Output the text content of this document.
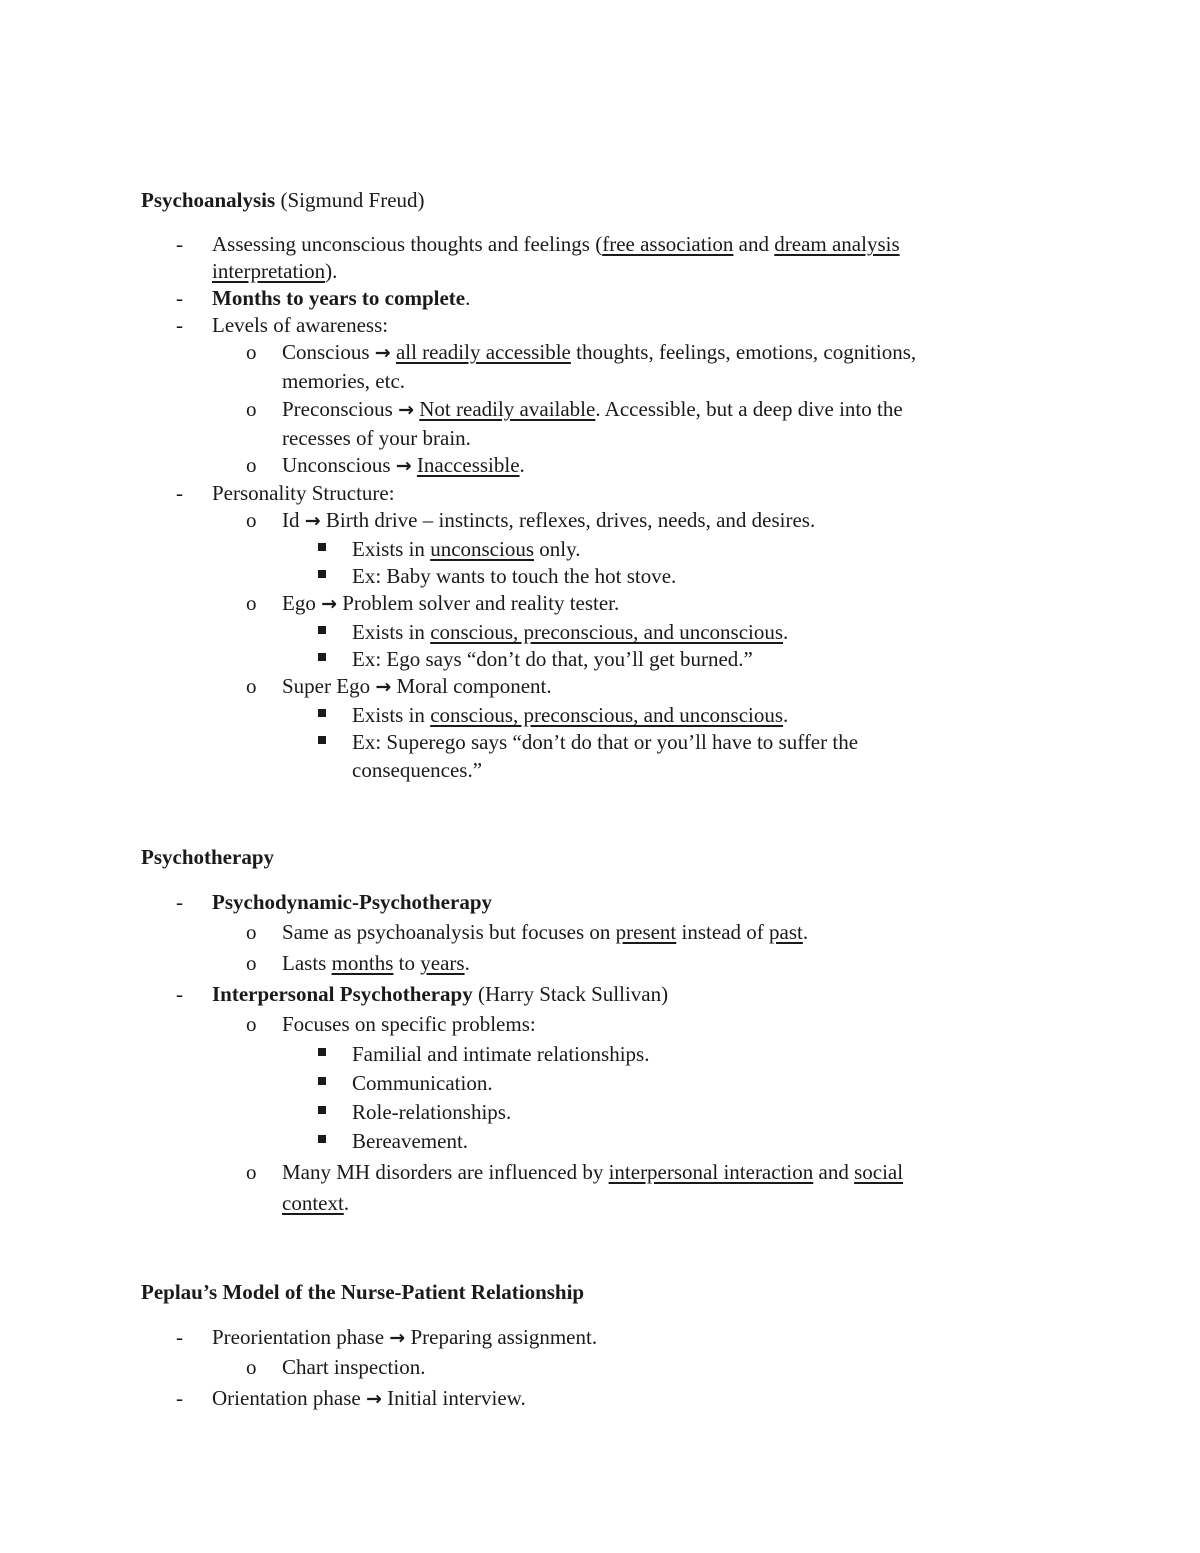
Psychoanalysis (Sigmund Freud)
- Assessing unconscious thoughts and feelings (free association and dream analysis
interpretation).
- Months to years to complete.
- Levels of awareness:
o Conscious → all readily accessible thoughts, feelings, emotions, cognitions,
memories, etc.
o Preconscious → Not readily available. Accessible, but a deep dive into the
recesses of your brain.
o Unconscious → Inaccessible.
- Personality Structure:
o Id → Birth drive – instincts, reflexes, drives, needs, and desires.
Exists in unconscious only.
Ex: Baby wants to touch the hot stove.
o Ego → Problem solver and reality tester.
Exists in conscious, preconscious, and unconscious.
Ex: Ego says “don’t do that, you’ll get burned.”
o Super Ego → Moral component.
Exists in conscious, preconscious, and unconscious.
Ex: Superego says “don’t do that or you’ll have to suffer the
consequences.”
Psychotherapy
- Psychodynamic-Psychotherapy
o Same as psychoanalysis but focuses on present instead of past.
o Lasts months to years.
- Interpersonal Psychotherapy (Harry Stack Sullivan)
o Focuses on specific problems:
Familial and intimate relationships.
Communication.
Role-relationships.
Bereavement.
o Many MH disorders are influenced by interpersonal interaction and social
context.
Peplau’s Model of the Nurse-Patient Relationship
- Preorientation phase → Preparing assignment.
o Chart inspection.
- Orientation phase → Initial interview.
